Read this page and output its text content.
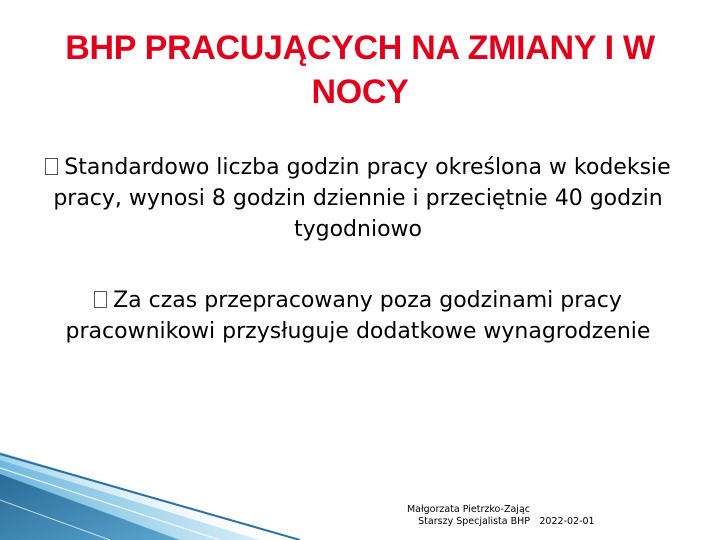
BHP PRACUJĄCYCH NA ZMIANY I W NOCY
Standardowo liczba godzin pracy określona w kodeksie pracy, wynosi 8 godzin dziennie i przeciętnie 40 godzin tygodniowo
Za czas przepracowany poza godzinami pracy pracownikowi przysługuje dodatkowe wynagrodzenie
Małgorzata Pietrzko-Zając
Starszy Specjalista BHP 2022-02-01
